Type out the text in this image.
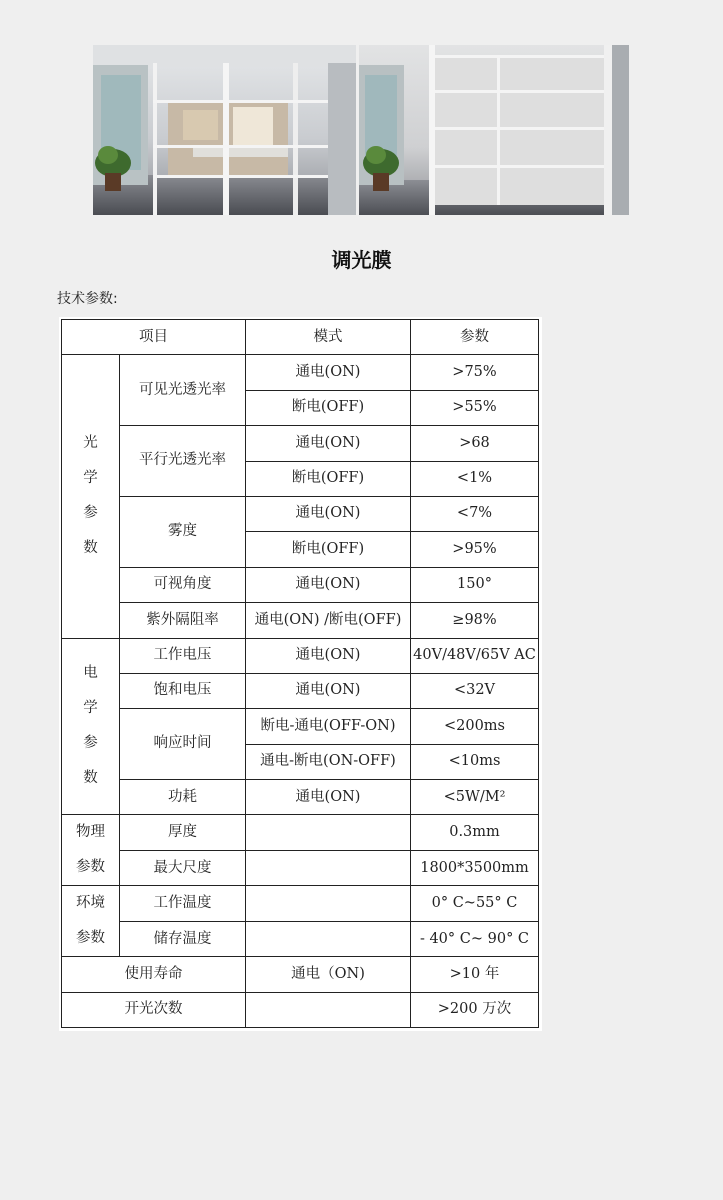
调光膜
技术参数:
项目		模式	参数

光
学
参
数	可见光透光率	通电(ON)	>75%
		断电(OFF)	>55%
	平行光透光率	通电(ON)	>68
		断电(OFF)	<1%
	雾度	通电(ON)	<7%
		断电(OFF)	>95%
	可视角度	通电(ON)	150°
	紫外隔阻率	通电(ON) /断电(OFF)	≥98%

电
学
参
数	工作电压	通电(ON)	40V/48V/65V AC
	饱和电压	通电(ON)	<32V
	响应时间	断电-通电(OFF-ON)	<200ms
		通电-断电(ON-OFF)	<10ms
	功耗	通电(ON)	<5W/M²

物理
参数	厚度		0.3mm
	最大尺度		1800*3500mm

环境
参数	工作温度		0° C~55° C
	储存温度		- 40° C~ 90° C
使用寿命		通电（ON)	>10 年
开光次数			>200 万次
